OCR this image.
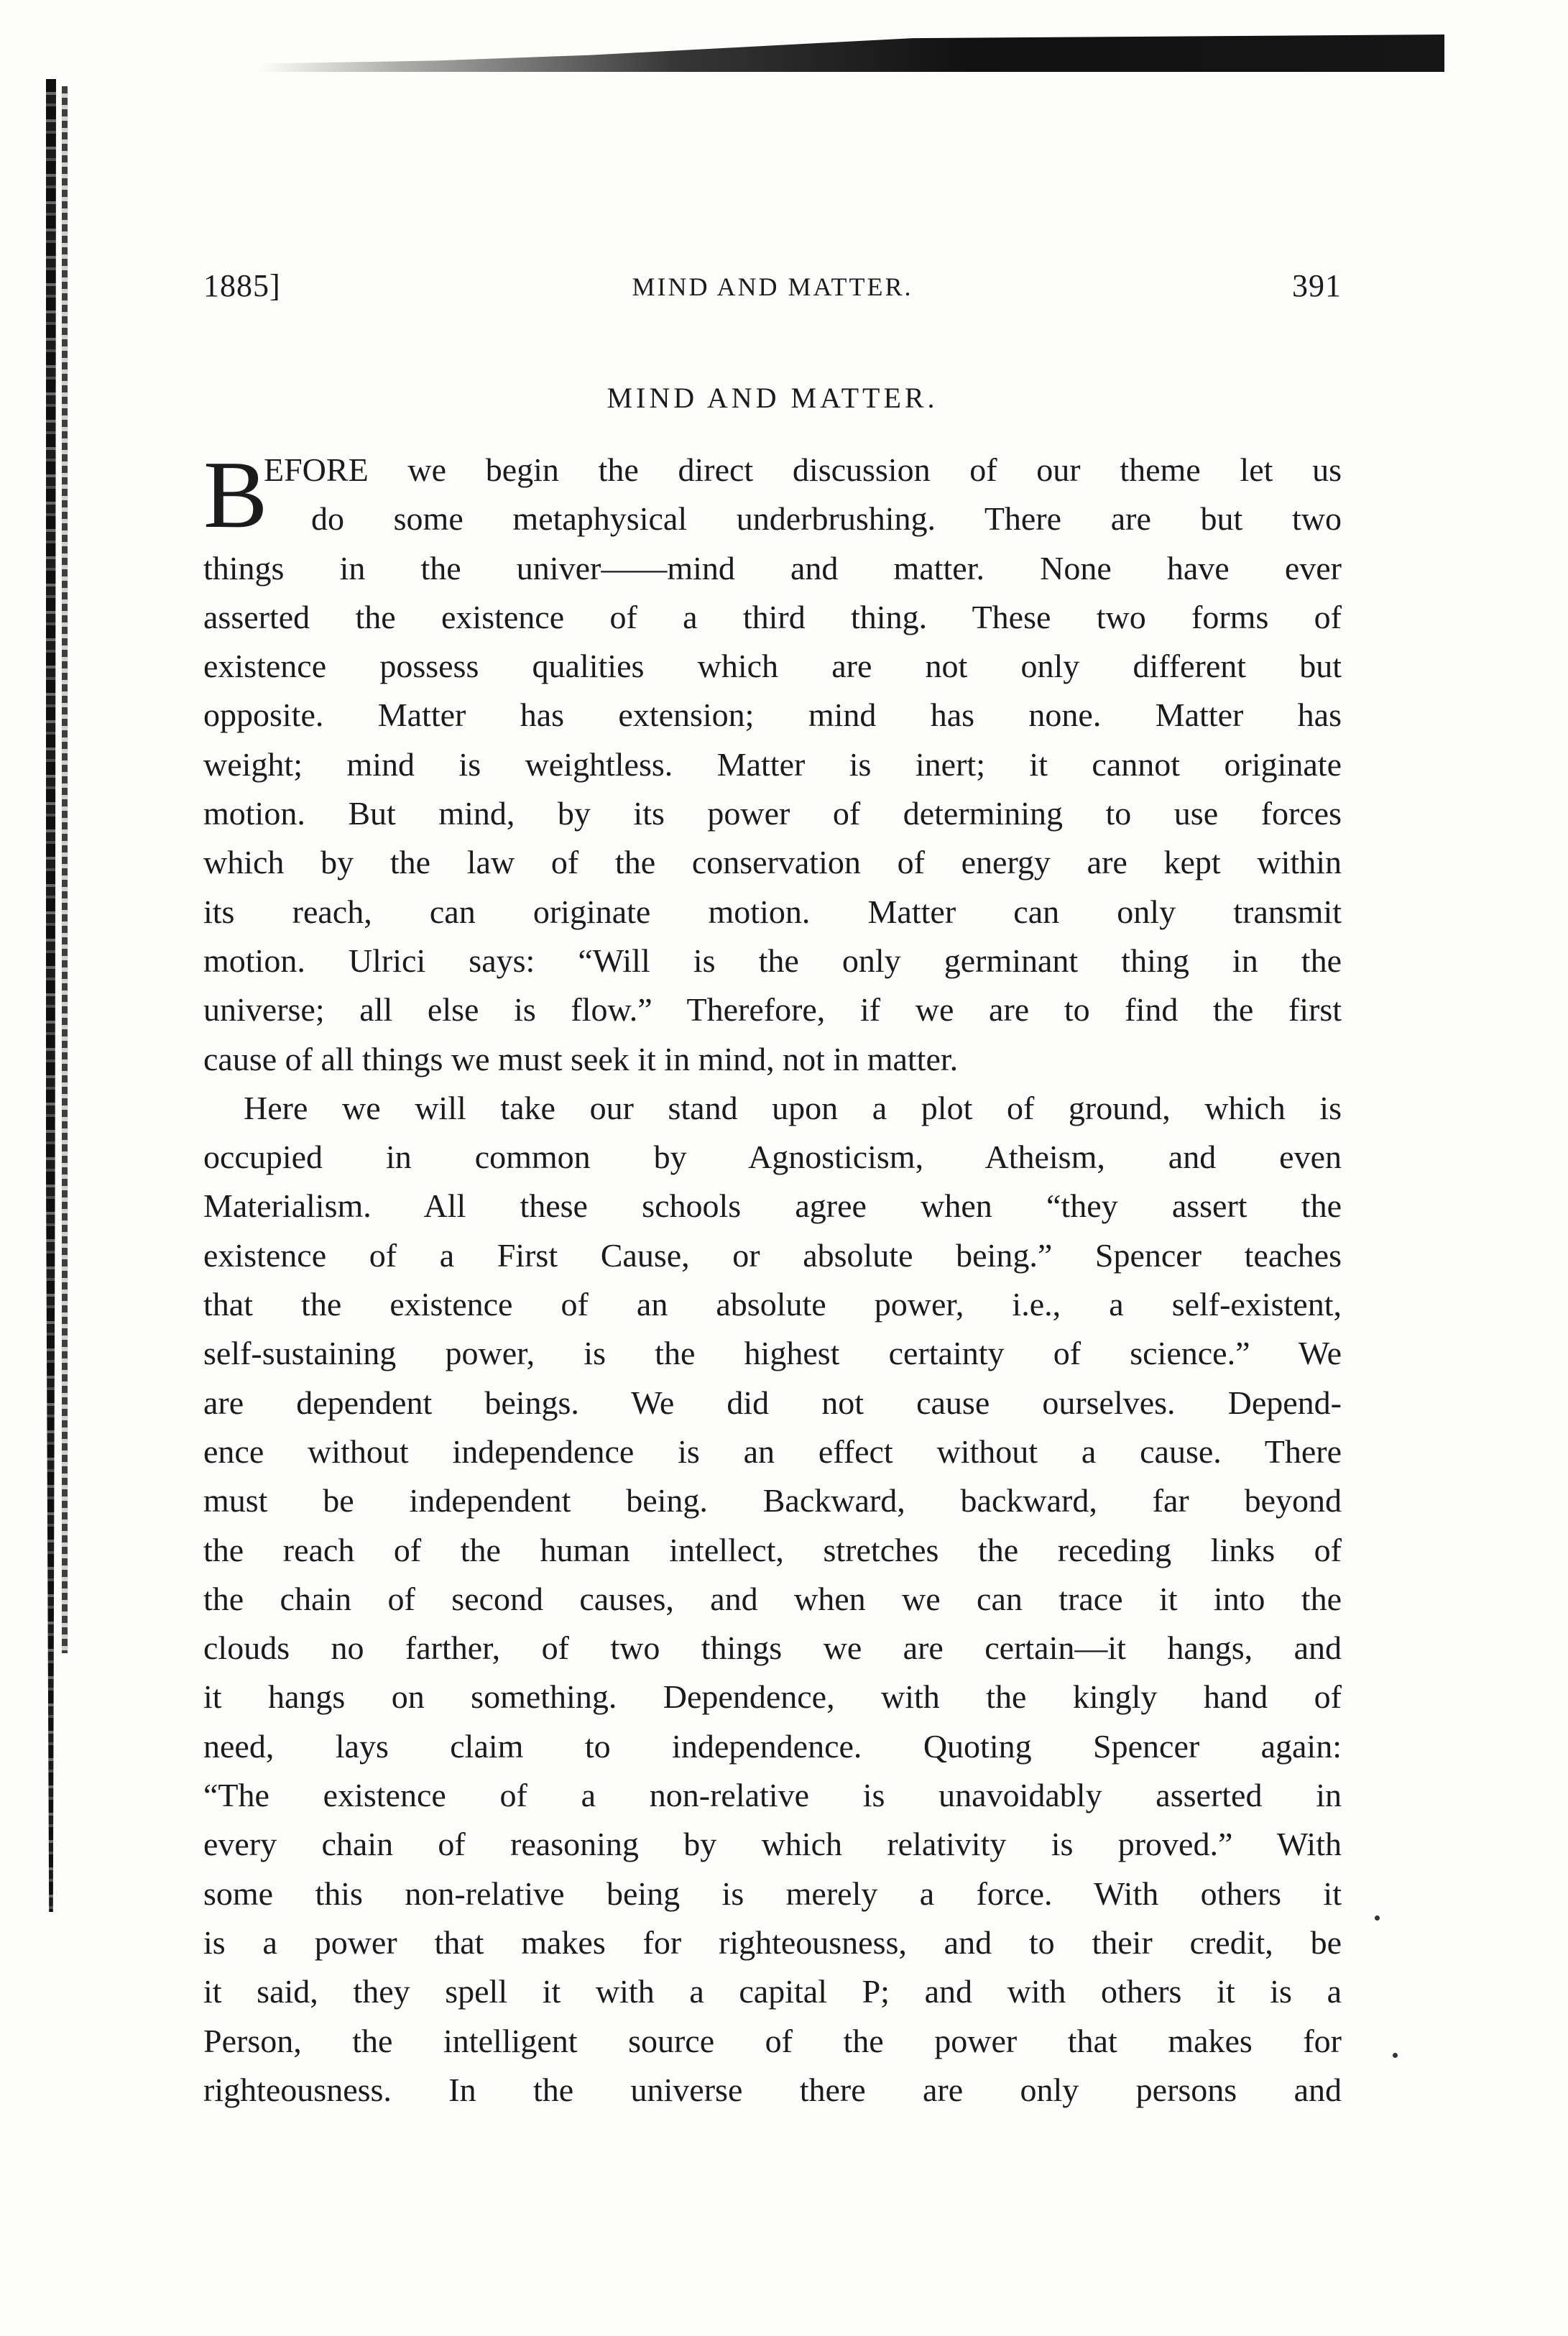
1885]	MIND AND MATTER.	391
MIND AND MATTER.
B
EFORE we begin the direct discussion of our theme let us
do some metaphysical underbrushing. There are but two
things in the univer——mind and matter. None have ever
asserted the existence of a third thing. These two forms of
existence possess qualities which are not only different but
opposite. Matter has extension; mind has none. Matter has
weight; mind is weightless. Matter is inert; it cannot originate
motion. But mind, by its power of determining to use forces
which by the law of the conservation of energy are kept within
its reach, can originate motion. Matter can only transmit
motion. Ulrici says: “Will is the only germinant thing in the
universe; all else is flow.” Therefore, if we are to find the first
cause of all things we must seek it in mind, not in matter.
Here we will take our stand upon a plot of ground, which is
occupied in common by Agnosticism, Atheism, and even
Materialism. All these schools agree when “they assert the
existence of a First Cause, or absolute being.” Spencer teaches
that the existence of an absolute power, i.e., a self-existent,
self-sustaining power, is the highest certainty of science.” We
are dependent beings. We did not cause ourselves. Depend-
ence without independence is an effect without a cause. There
must be independent being. Backward, backward, far beyond
the reach of the human intellect, stretches the receding links of
the chain of second causes, and when we can trace it into the
clouds no farther, of two things we are certain—it hangs, and
it hangs on something. Dependence, with the kingly hand of
need, lays claim to independence. Quoting Spencer again:
“The existence of a non-relative is unavoidably asserted in
every chain of reasoning by which relativity is proved.” With
some this non-relative being is merely a force. With others it
is a power that makes for righteousness, and to their credit, be
it said, they spell it with a capital P; and with others it is a
Person, the intelligent source of the power that makes for
righteousness. In the universe there are only persons and
